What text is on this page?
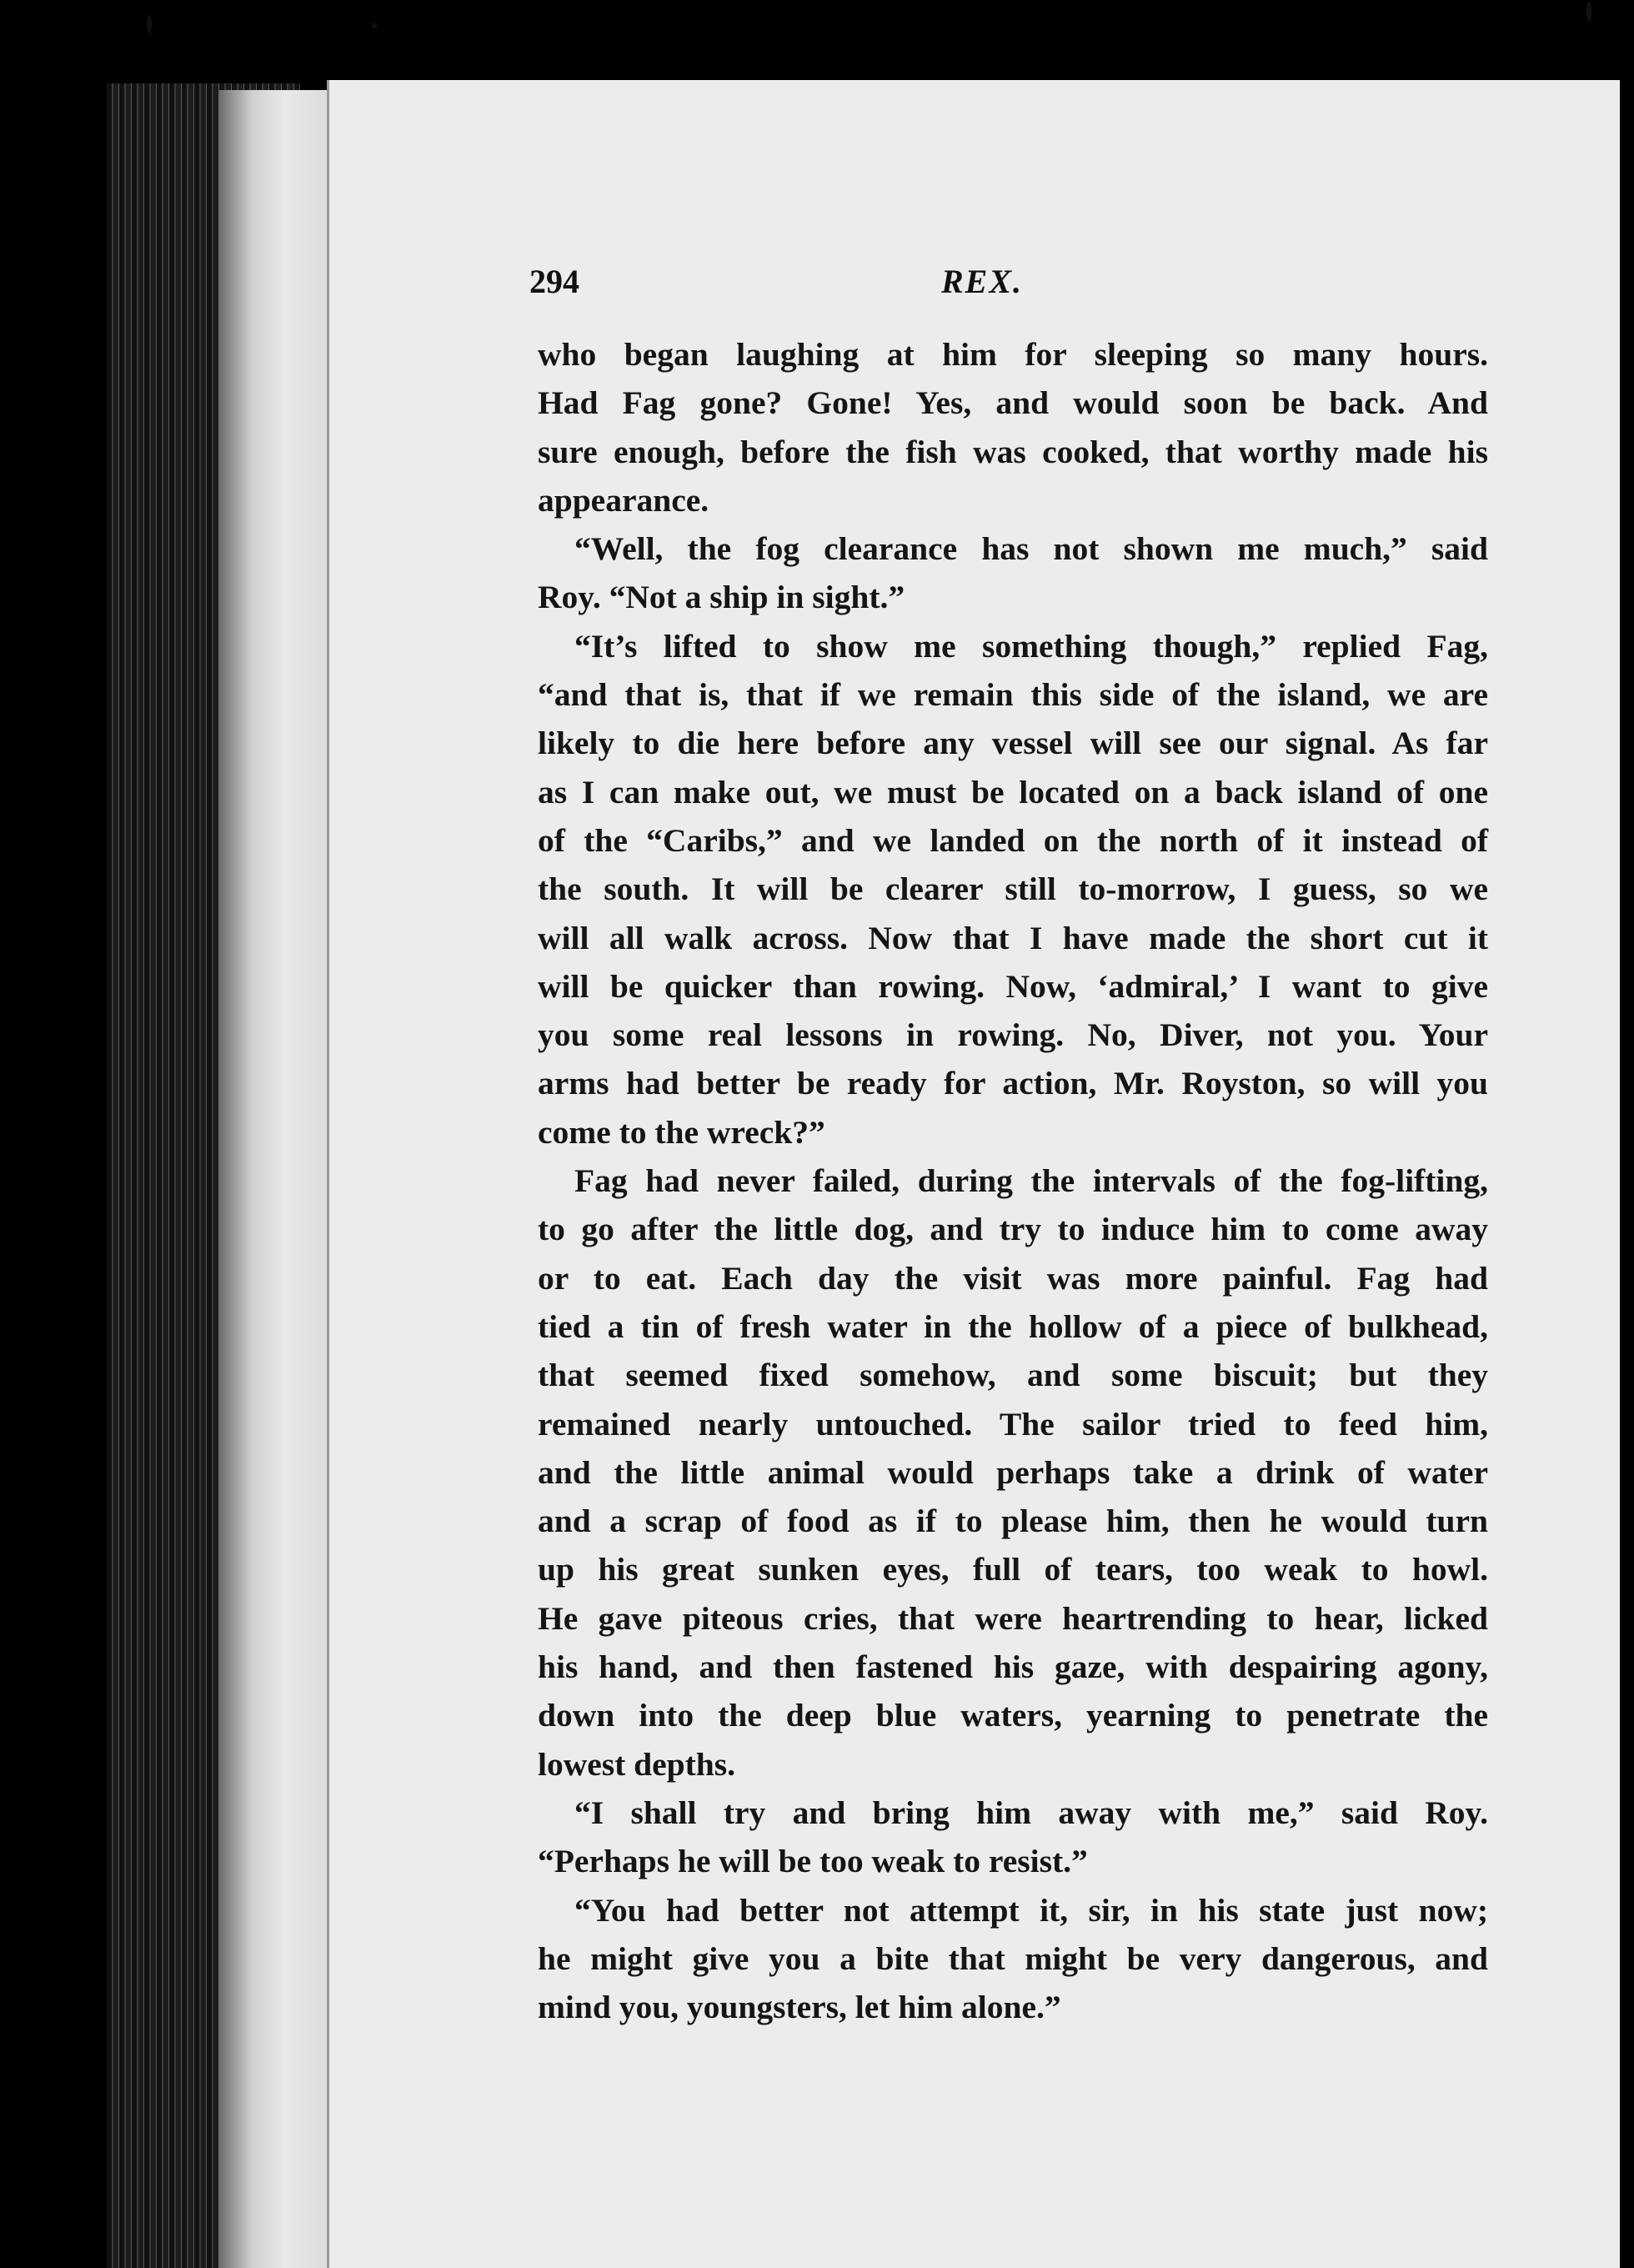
294	REX.
who began laughing at him for sleeping so many hours.
Had Fag gone? Gone! Yes, and would soon be back. And
sure enough, before the fish was cooked, that worthy made his
appearance.
“Well, the fog clearance has not shown me much,” said
Roy. “Not a ship in sight.”
“It’s lifted to show me something though,” replied Fag,
“and that is, that if we remain this side of the island, we are
likely to die here before any vessel will see our signal. As far
as I can make out, we must be located on a back island of one
of the “Caribs,” and we landed on the north of it instead of
the south. It will be clearer still to-morrow, I guess, so we
will all walk across. Now that I have made the short cut it
will be quicker than rowing. Now, ‘admiral,’ I want to give
you some real lessons in rowing. No, Diver, not you. Your
arms had better be ready for action, Mr. Royston, so will you
come to the wreck?”
Fag had never failed, during the intervals of the fog-lifting,
to go after the little dog, and try to induce him to come away
or to eat. Each day the visit was more painful. Fag had
tied a tin of fresh water in the hollow of a piece of bulkhead,
that seemed fixed somehow, and some biscuit; but they
remained nearly untouched. The sailor tried to feed him,
and the little animal would perhaps take a drink of water
and a scrap of food as if to please him, then he would turn
up his great sunken eyes, full of tears, too weak to howl.
He gave piteous cries, that were heartrending to hear, licked
his hand, and then fastened his gaze, with despairing agony,
down into the deep blue waters, yearning to penetrate the
lowest depths.
“I shall try and bring him away with me,” said Roy.
“Perhaps he will be too weak to resist.”
“You had better not attempt it, sir, in his state just now;
he might give you a bite that might be very dangerous, and
mind you, youngsters, let him alone.”
